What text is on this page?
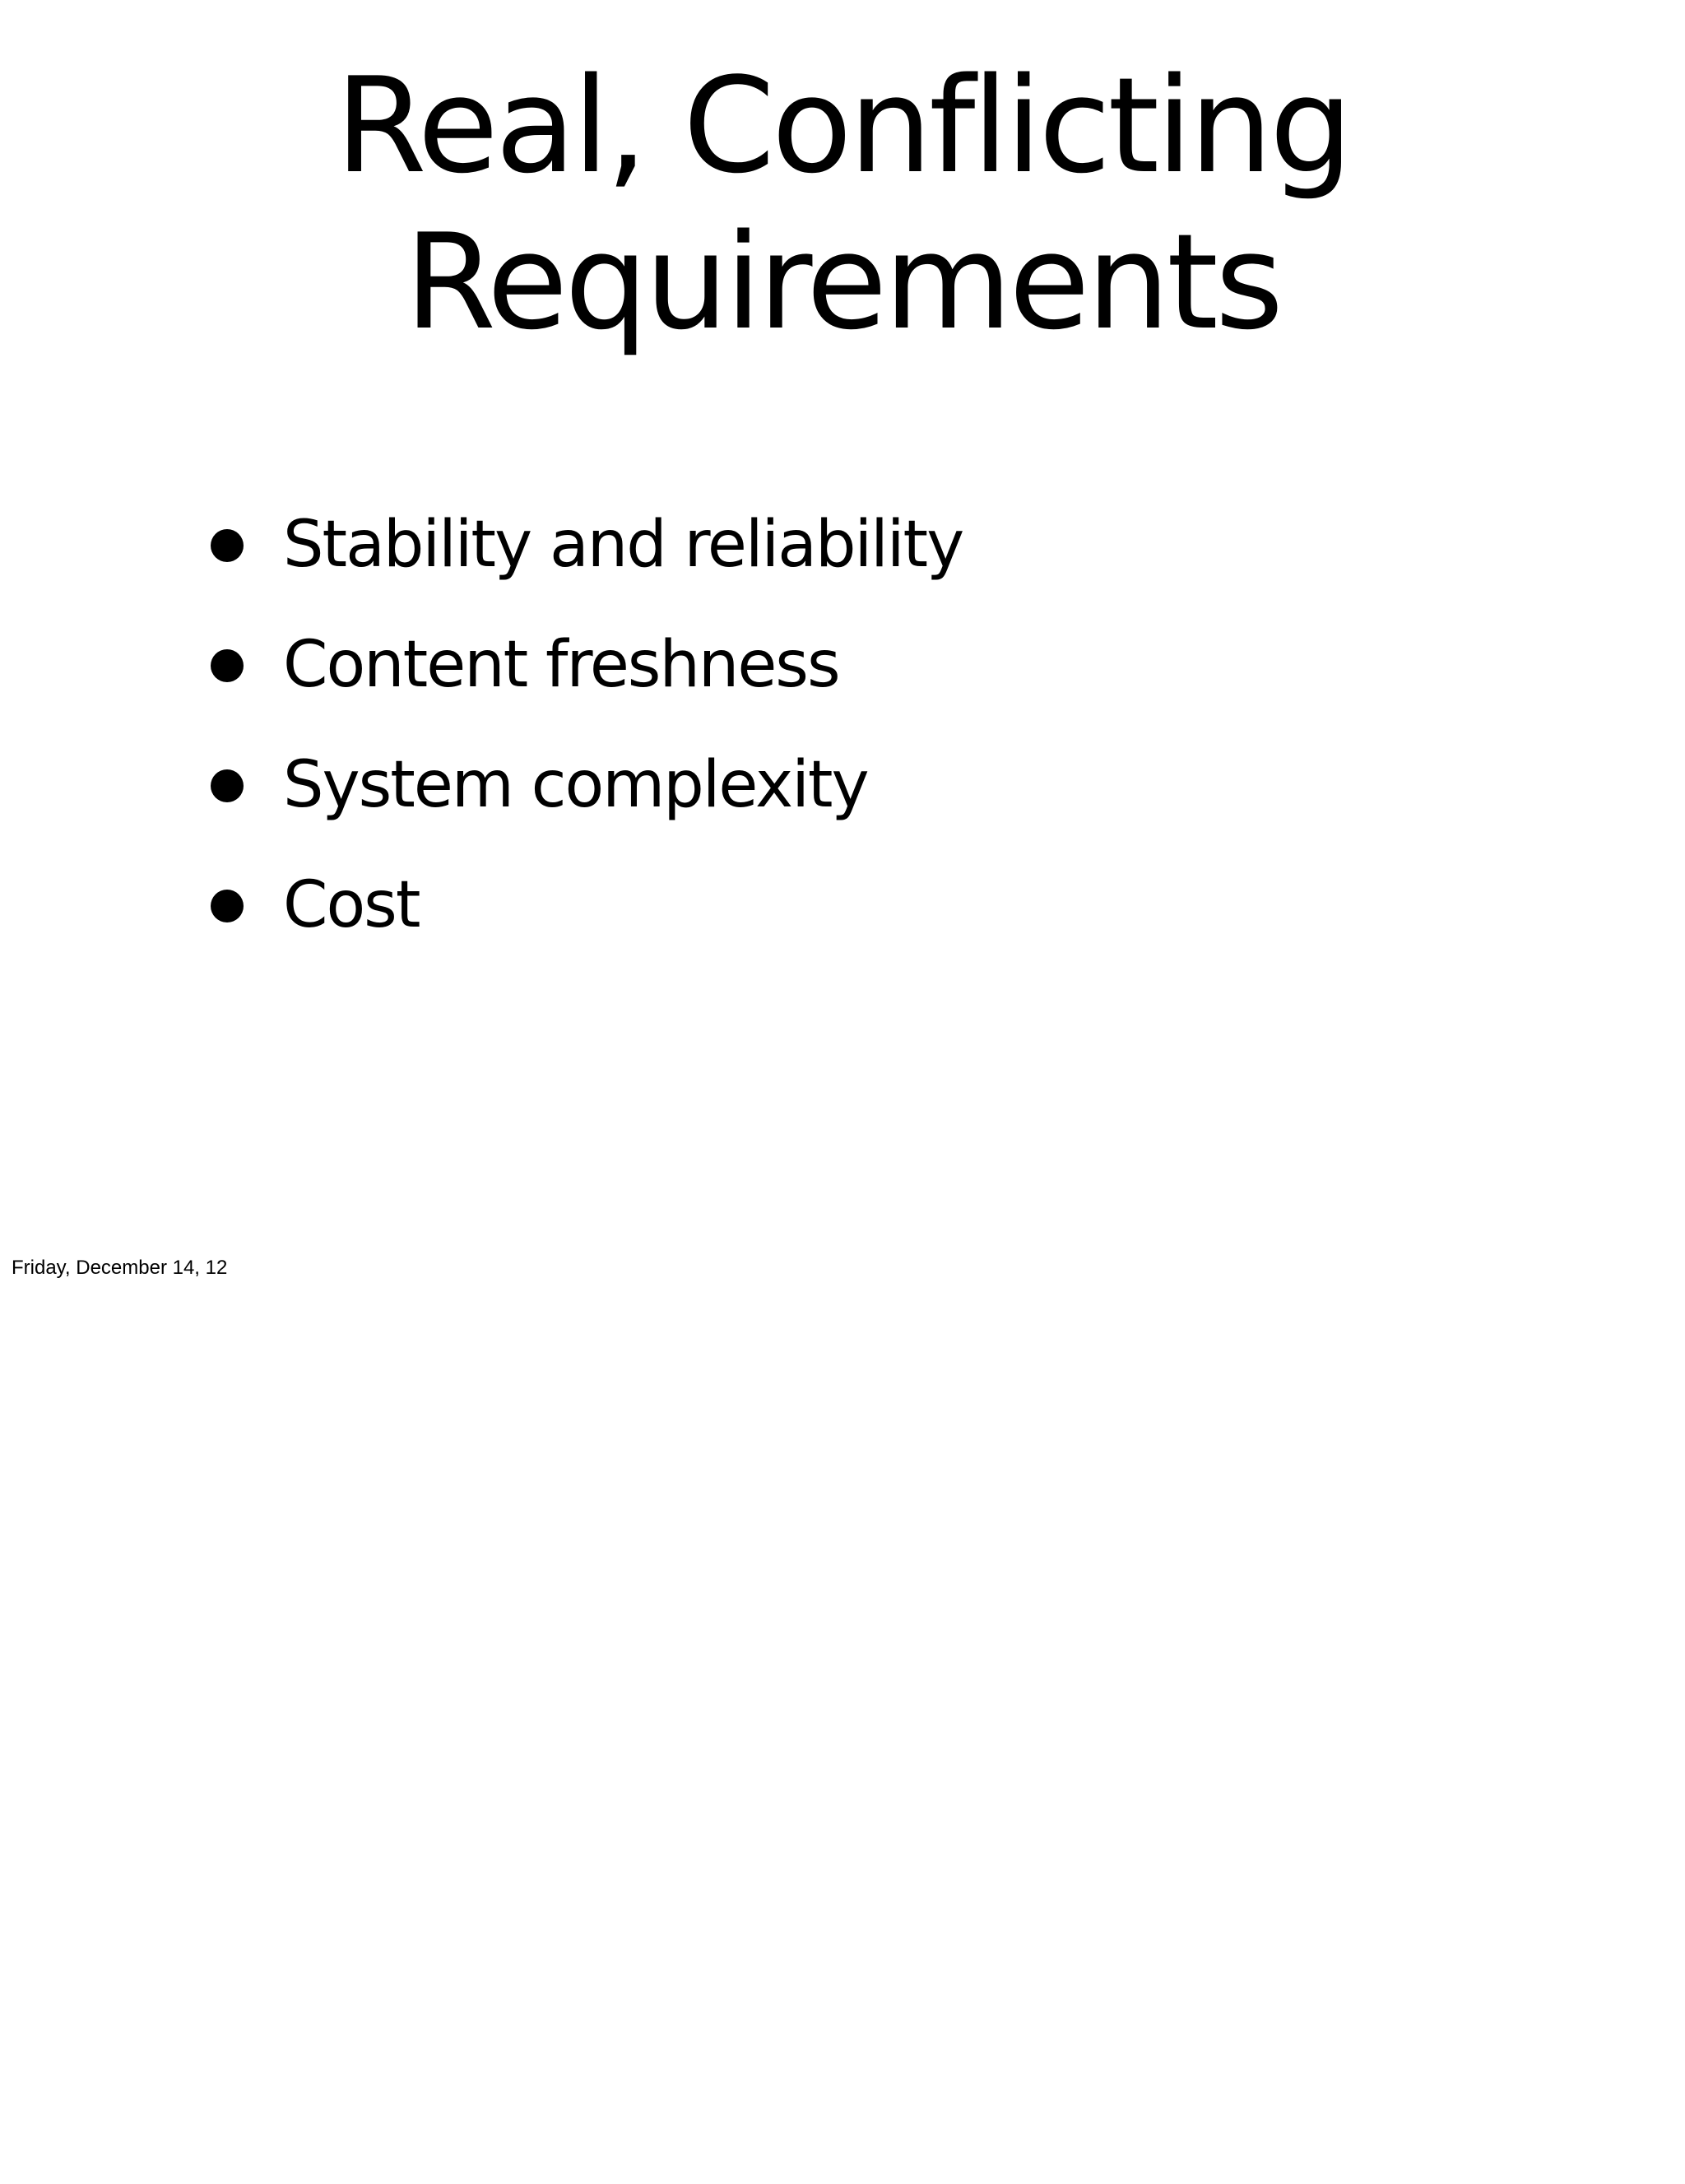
Real, Conflicting
Requirements
Stability and reliability
Content freshness
System complexity
Cost

Friday, December 14, 12
